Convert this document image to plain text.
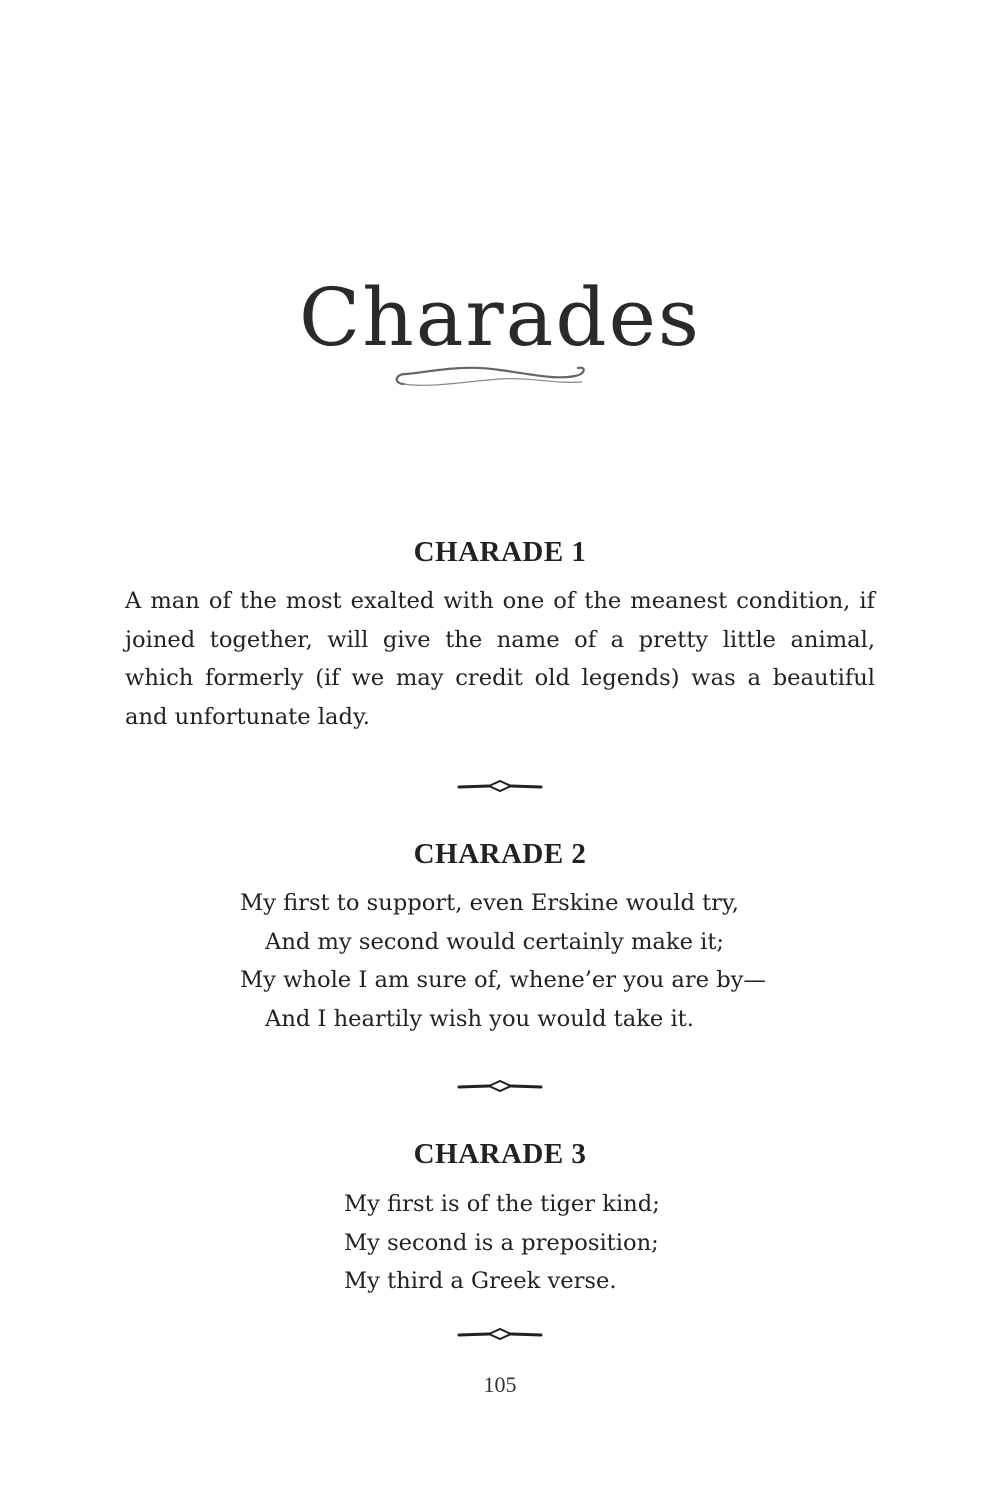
Charades
CHARADE 1

A man of the most exalted with one of the meanest condition, if joined together, will give the name of a pretty little animal, which formerly (if we may credit old legends) was a beautiful and unfortunate lady.

CHARADE 2
My first to support, even Erskine would try,
And my second would certainly make it;
My whole I am sure of, whene’er you are by—
And I heartily wish you would take it.
CHARADE 3
My first is of the tiger kind;
My second is a preposition;
My third a Greek verse.

105
